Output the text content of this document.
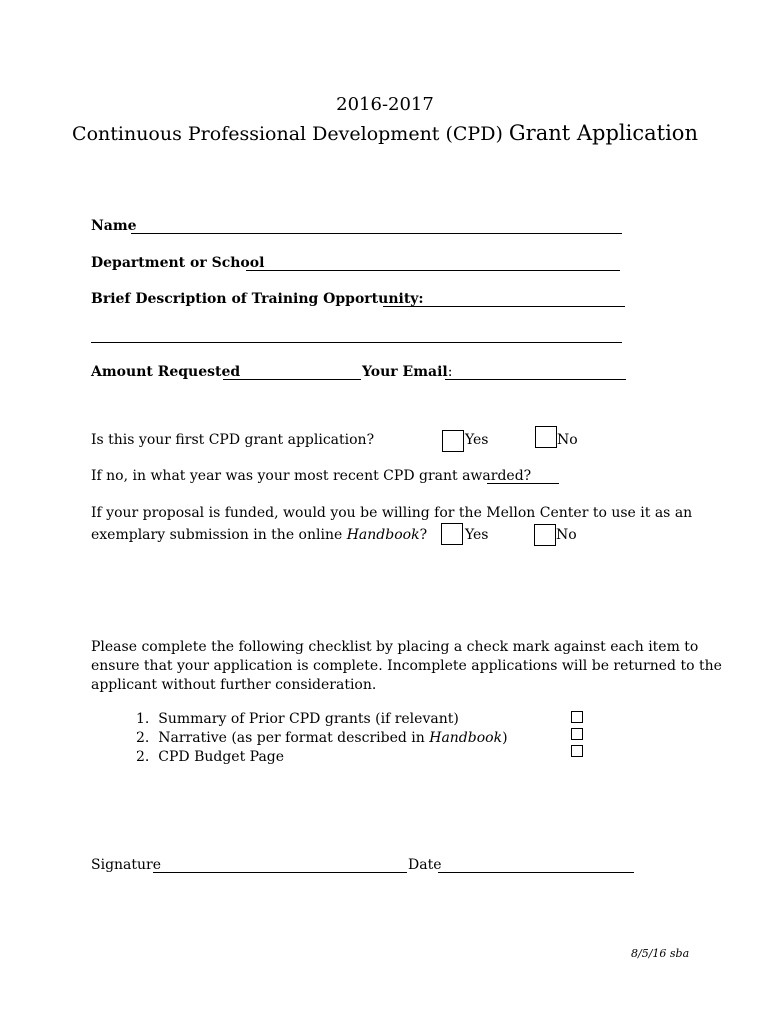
2016-2017
Continuous Professional Development (CPD) Grant Application
Name
Department or School
Brief Description of Training Opportunity:
Amount Requested	Your Email:
Is this your first CPD grant application?	Yes	No
If no, in what year was your most recent CPD grant awarded?
If your proposal is funded, would you be willing for the Mellon Center to use it as an
exemplary submission in the online Handbook?	Yes	No
Please complete the following checklist by placing a check mark against each item to
ensure that your application is complete. Incomplete applications will be returned to the
applicant without further consideration.
1. Summary of Prior CPD grants (if relevant)
2. Narrative (as per format described in Handbook)
2. CPD Budget Page
Signature	Date
8/5/16 sba
